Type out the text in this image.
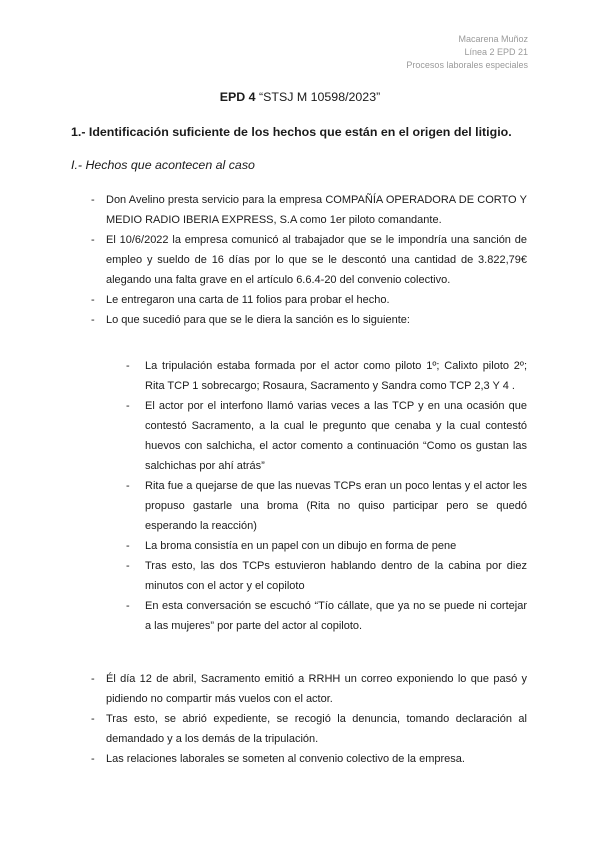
Macarena Muñoz
Línea 2 EPD 21
Procesos laborales especiales
EPD 4 “STSJ M 10598/2023”
1.- Identificación suficiente de los hechos que están en el origen del litigio.
I.- Hechos que acontecen al caso
- Don Avelino presta servicio para la empresa COMPAÑÍA OPERADORA DE CORTO Y MEDIO RADIO IBERIA EXPRESS, S.A como 1er piloto comandante.
- El 10/6/2022 la empresa comunicó al trabajador que se le impondría una sanción de empleo y sueldo de 16 días por lo que se le descontó una cantidad de 3.822,79€ alegando una falta grave en el artículo 6.6.4-20 del convenio colectivo.
- Le entregaron una carta de 11 folios para probar el hecho.
- Lo que sucedió para que se le diera la sanción es lo siguiente:
- La tripulación estaba formada por el actor como piloto 1º; Calixto piloto 2º; Rita TCP 1 sobrecargo; Rosaura, Sacramento y Sandra como TCP 2,3 Y 4 .
- El actor por el interfono llamó varias veces a las TCP y en una ocasión que contestó Sacramento, a la cual le pregunto que cenaba y la cual contestó huevos con salchicha, el actor comento a continuación “Como os gustan las salchichas por ahí atrás”
- Rita fue a quejarse de que las nuevas TCPs eran un poco lentas y el actor les propuso gastarle una broma (Rita no quiso participar pero se quedó esperando la reacción)
- La broma consistía en un papel con un dibujo en forma de pene
- Tras esto, las dos TCPs estuvieron hablando dentro de la cabina por diez minutos con el actor y el copiloto
- En esta conversación se escuchó “Tío cállate, que ya no se puede ni cortejar a las mujeres” por parte del actor al copiloto.
- Él día 12 de abril, Sacramento emitió a RRHH un correo exponiendo lo que pasó y pidiendo no compartir más vuelos con el actor.
- Tras esto, se abrió expediente, se recogió la denuncia, tomando declaración al demandado y a los demás de la tripulación.
- Las relaciones laborales se someten al convenio colectivo de la empresa.
